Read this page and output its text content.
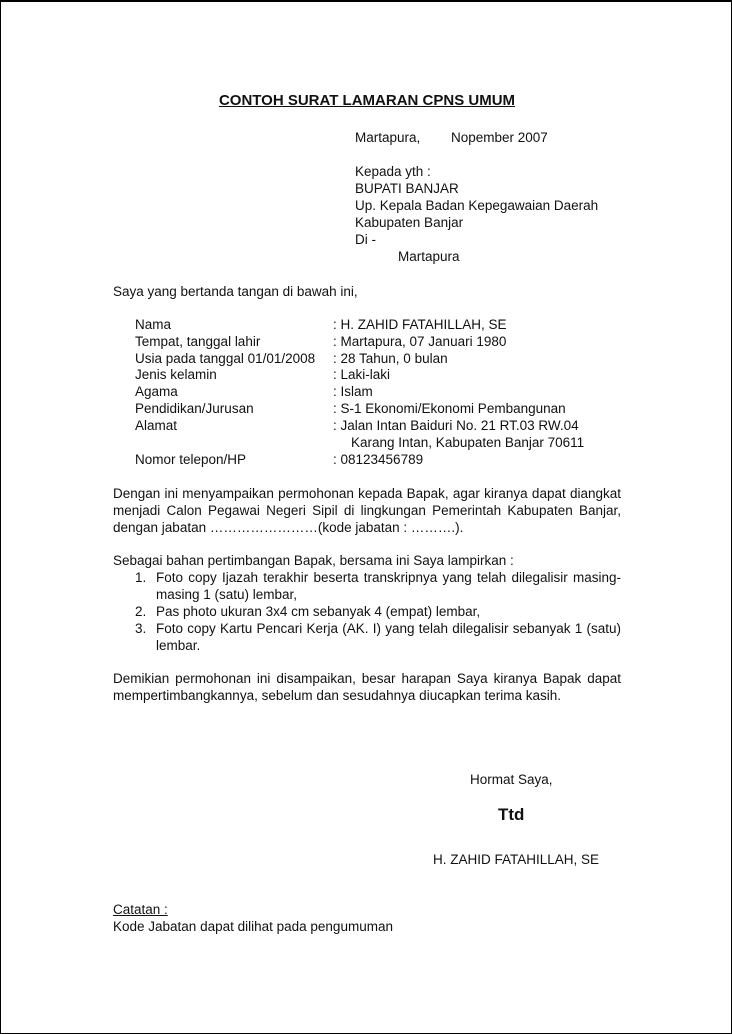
CONTOH SURAT LAMARAN CPNS UMUM
Martapura, Nopember 2007
Kepada yth :
BUPATI BANJAR
Up. Kepala Badan Kepegawaian Daerah
Kabupaten Banjar
Di -
Martapura
Saya yang bertanda tangan di bawah ini,
Nama	: H. ZAHID FATAHILLAH, SE
Tempat, tanggal lahir	: Martapura, 07 Januari 1980
Usia pada tanggal 01/01/2008 : 28 Tahun, 0 bulan
Jenis kelamin	: Laki-laki
Agama	: Islam
Pendidikan/Jurusan	: S-1 Ekonomi/Ekonomi Pembangunan
Alamat	: Jalan Intan Baiduri No. 21 RT.03 RW.04
Karang Intan, Kabupaten Banjar 70611
Nomor telepon/HP	: 08123456789
Dengan ini menyampaikan permohonan kepada Bapak, agar kiranya dapat diangkat menjadi Calon Pegawai Negeri Sipil di lingkungan Pemerintah Kabupaten Banjar, dengan jabatan ……………………(kode jabatan : ……….).
Sebagai bahan pertimbangan Bapak, bersama ini Saya lampirkan :
1. Foto copy Ijazah terakhir beserta transkripnya yang telah dilegalisir masing-masing 1 (satu) lembar,
2. Pas photo ukuran 3x4 cm sebanyak 4 (empat) lembar,
3. Foto copy Kartu Pencari Kerja (AK. I) yang telah dilegalisir sebanyak 1 (satu) lembar.
Demikian permohonan ini disampaikan, besar harapan Saya kiranya Bapak dapat mempertimbangkannya, sebelum dan sesudahnya diucapkan terima kasih.
Hormat Saya,
Ttd
H. ZAHID FATAHILLAH, SE
Catatan :
Kode Jabatan dapat dilihat pada pengumuman
